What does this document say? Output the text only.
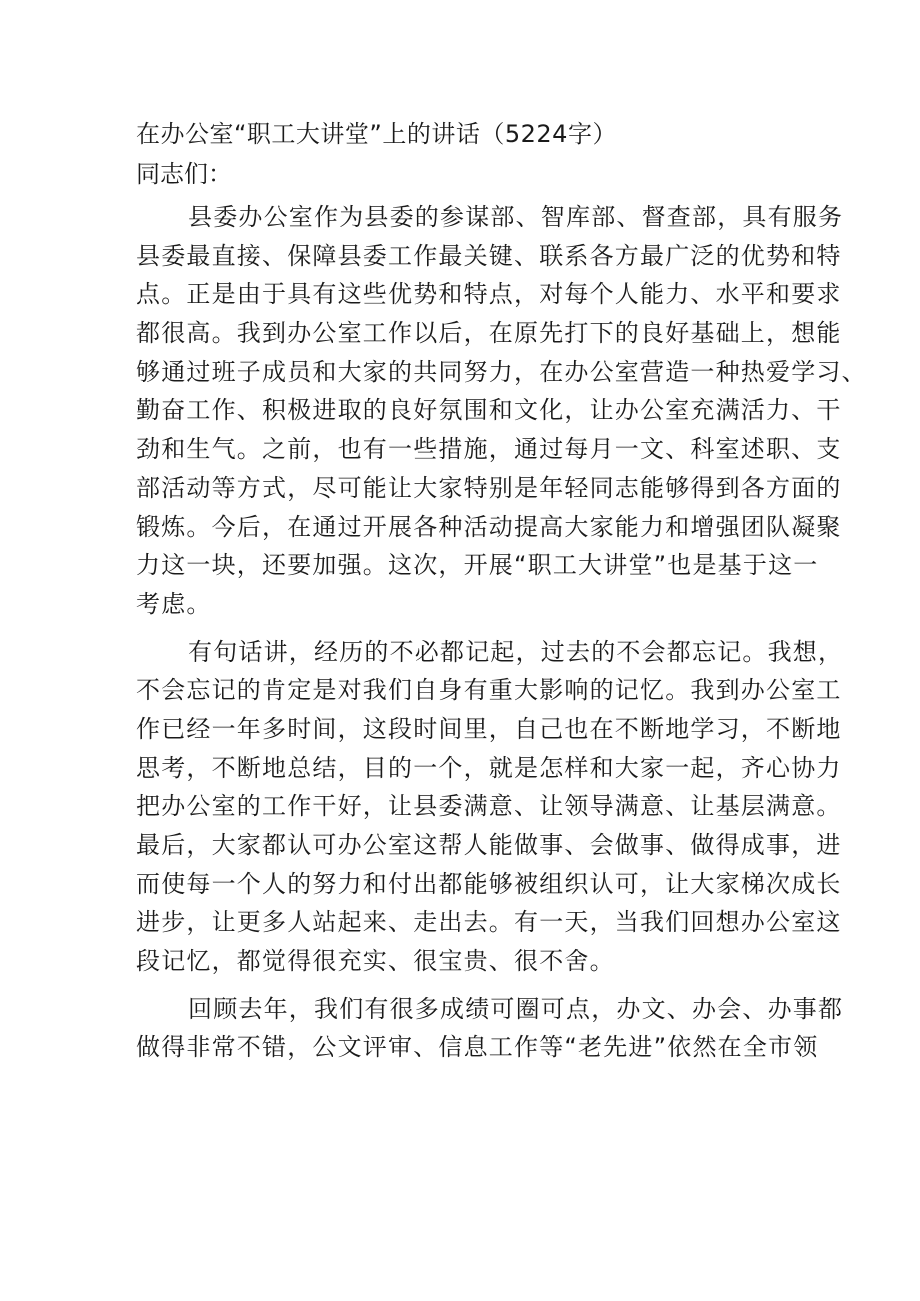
在办公室“职工大讲堂”上的讲话（5224字）
同志们：
县委办公室作为县委的参谋部、智库部、督查部，具有服务
县委最直接、保障县委工作最关键、联系各方最广泛的优势和特
点。正是由于具有这些优势和特点，对每个人能力、水平和要求
都很高。我到办公室工作以后，在原先打下的良好基础上，想能
够通过班子成员和大家的共同努力，在办公室营造一种热爱学习、
勤奋工作、积极进取的良好氛围和文化，让办公室充满活力、干
劲和生气。之前，也有一些措施，通过每月一文、科室述职、支
部活动等方式，尽可能让大家特别是年轻同志能够得到各方面的
锻炼。今后，在通过开展各种活动提高大家能力和增强团队凝聚
力这一块，还要加强。这次，开展“职工大讲堂”也是基于这一
考虑。
有句话讲，经历的不必都记起，过去的不会都忘记。我想，
不会忘记的肯定是对我们自身有重大影响的记忆。我到办公室工
作已经一年多时间，这段时间里，自己也在不断地学习，不断地
思考，不断地总结，目的一个，就是怎样和大家一起，齐心协力
把办公室的工作干好，让县委满意、让领导满意、让基层满意。
最后，大家都认可办公室这帮人能做事、会做事、做得成事，进
而使每一个人的努力和付出都能够被组织认可，让大家梯次成长
进步，让更多人站起来、走出去。有一天，当我们回想办公室这
段记忆，都觉得很充实、很宝贵、很不舍。
回顾去年，我们有很多成绩可圈可点，办文、办会、办事都
做得非常不错，公文评审、信息工作等“老先进”依然在全市领
